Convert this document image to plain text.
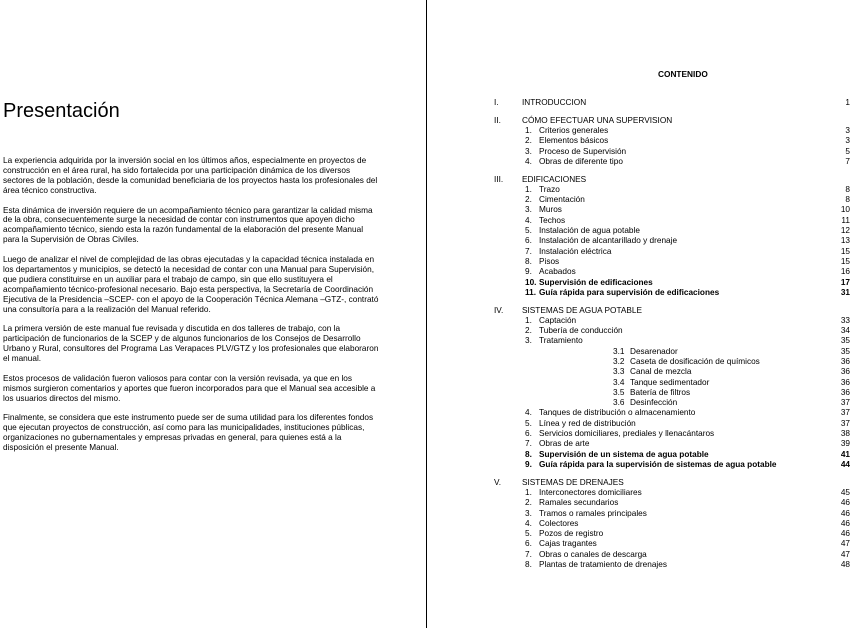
Presentación

La experiencia adquirida por la inversión social en los últimos años, especialmente en proyectos de construcción en el área rural, ha sido fortalecida por una participación dinámica de los diversos sectores de la población, desde la comunidad beneficiaria de los proyectos hasta los profesionales del área técnico constructiva.

Esta dinámica de inversión requiere de un acompañamiento técnico para garantizar la calidad misma de la obra, consecuentemente surge la necesidad de contar con instrumentos que apoyen dicho acompañamiento técnico, siendo esta la razón fundamental de la elaboración del presente Manual para la Supervisión de Obras Civiles.

Luego de analizar el nivel de complejidad de las obras ejecutadas y la capacidad técnica instalada en los departamentos y municipios, se detectó la necesidad de contar con una Manual para Supervisión, que pudiera constituirse en un auxiliar para el trabajo de campo, sin que ello sustituyera el acompañamiento técnico-profesional necesario. Bajo esta perspectiva, la Secretaría de Coordinación Ejecutiva de la Presidencia –SCEP- con el apoyo de la Cooperación Técnica Alemana –GTZ-, contrató una consultoría para a la realización del Manual referido.

La primera versión de este manual fue revisada y discutida en dos talleres de trabajo, con la participación de funcionarios de la SCEP y de algunos funcionarios de los Consejos de Desarrollo Urbano y Rural, consultores del Programa Las Verapaces PLV/GTZ y los profesionales que elaboraron el manual.

Estos procesos de validación fueron valiosos para contar con la versión revisada, ya que en los mismos surgieron comentarios y aportes que fueron incorporados para que el Manual sea accesible a los usuarios directos del mismo.

Finalmente, se considera que este instrumento puede ser de suma utilidad para los diferentes fondos que ejecutan proyectos de construcción, así como para las municipalidades, instituciones públicas, organizaciones no gubernamentales y empresas privadas en general, para quienes está a la disposición el presente Manual.

CONTENIDO
I.	INTRODUCCION	1
II.	CÓMO EFECTUAR UNA SUPERVISION
1. Criterios generales	3
2. Elementos básicos	3
3. Proceso de Supervisión	5
4. Obras de diferente tipo	7
III. EDIFICACIONES
1. Trazo	8
2. Cimentación	8
3. Muros	10
4. Techos	11
5. Instalación de agua potable	12
6. Instalación de alcantarillado y drenaje	13
7. Instalación eléctrica	15
8. Pisos	15
9. Acabados	16
10. Supervisión de edificaciones	17
11. Guía rápida para supervisión de edificaciones	31
IV. SISTEMAS DE AGUA POTABLE
1. Captación	33
2. Tubería de conducción	34
3. Tratamiento	35
3.1 Desarenador	35
3.2 Caseta de dosificación de químicos	36
3.3 Canal de mezcla	36
3.4 Tanque sedimentador	36
3.5 Batería de filtros	36
3.6 Desinfección	37
4. Tanques de distribución o almacenamiento	37
5. Línea y red de distribución	37
6. Servicios domiciliares, prediales y llenacántaros	38
7. Obras de arte	39
8. Supervisión de un sistema de agua potable	41
9. Guía rápida para la supervisión de sistemas de agua potable	44
V.	SISTEMAS DE DRENAJES
1. Interconectores domiciliares	45
2. Ramales secundarios	46
3. Tramos o ramales principales	46
4. Colectores	46
5. Pozos de registro	46
6. Cajas tragantes	47
7. Obras o canales de descarga	47
8. Plantas de tratamiento de drenajes	48
